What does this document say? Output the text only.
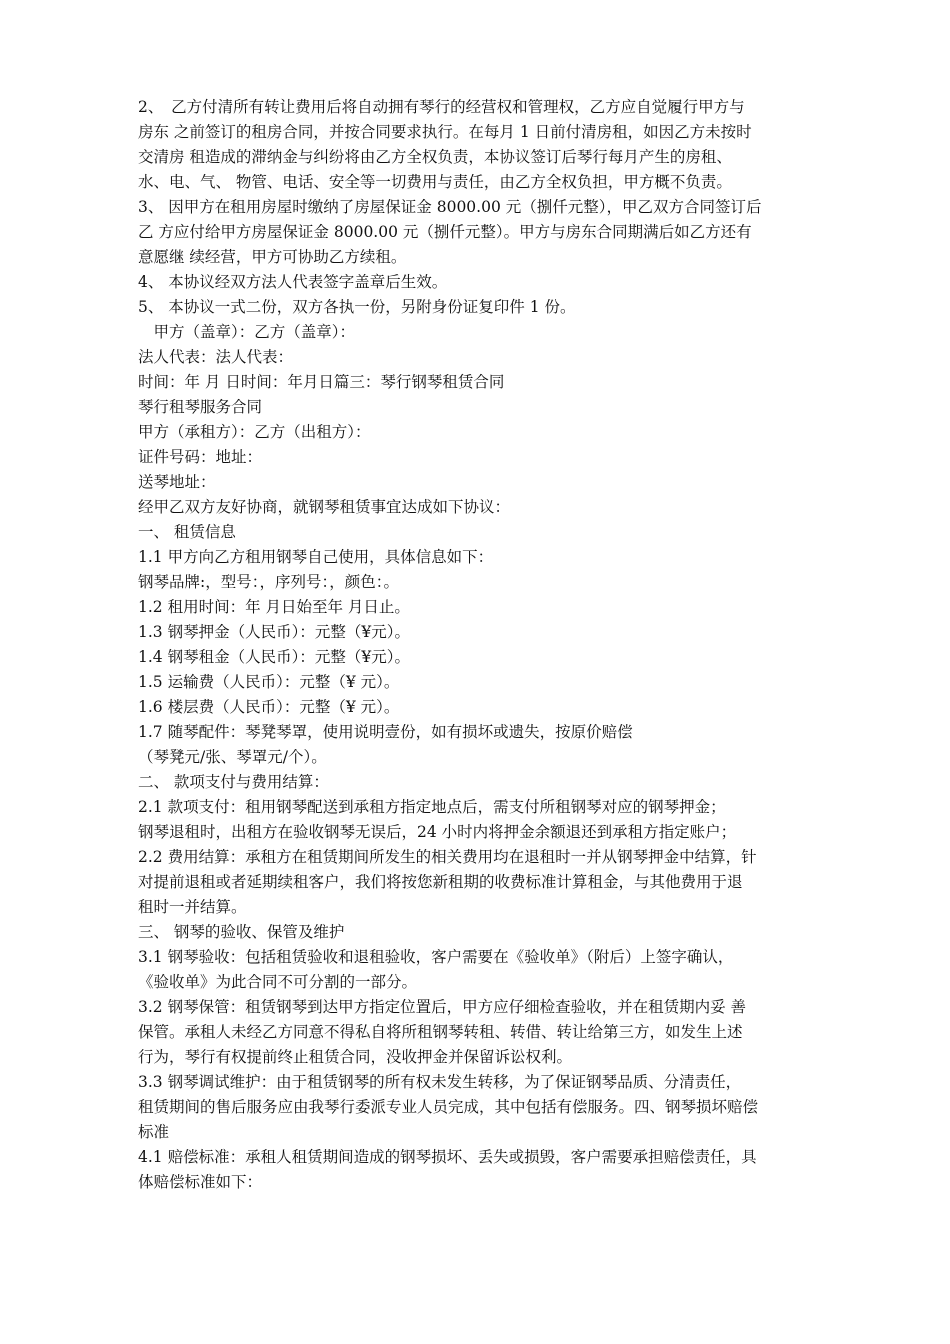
2、　乙方付清所有转让费用后将自动拥有琴行的经营权和管理权，乙方应自觉履行甲方与
房东 之前签订的租房合同，并按合同要求执行。在每月 1 日前付清房租，如因乙方未按时
交清房 租造成的滞纳金与纠纷将由乙方全权负责，本协议签订后琴行每月产生的房租、
水、电、气、 物管、电话、安全等一切费用与责任，由乙方全权负担，甲方概不负责。
3、 因甲方在租用房屋时缴纳了房屋保证金 8000.00 元（捌仟元整），甲乙双方合同签订后
乙 方应付给甲方房屋保证金 8000.00 元（捌仟元整）。甲方与房东合同期满后如乙方还有
意愿继 续经营，甲方可协助乙方续租。
4、 本协议经双方法人代表签字盖章后生效。
5、 本协议一式二份，双方各执一份，另附身份证复印件 1 份。
　甲方（盖章）：乙方（盖章）：
法人代表：法人代表：
时间：年 月 日时间：年月日篇三：琴行钢琴租赁合同
琴行租琴服务合同
甲方（承租方）：乙方（出租方）：
证件号码：地址：
送琴地址：
经甲乙双方友好协商，就钢琴租赁事宜达成如下协议：
一、 租赁信息
1.1 甲方向乙方租用钢琴自己使用，具体信息如下：
钢琴品牌:，型号：，序列号：，颜色：。
1.2 租用时间：年 月日始至年 月日止。
1.3 钢琴押金（人民币）：元整（¥元）。
1.4 钢琴租金（人民币）：元整（¥元）。
1.5 运输费（人民币）：元整（¥ 元）。
1.6 楼层费（人民币）：元整（¥ 元）。
1.7 随琴配件：琴凳琴罩，使用说明壹份，如有损坏或遗失，按原价赔偿
（琴凳元/张、琴罩元/个）。
二、 款项支付与费用结算：
2.1 款项支付：租用钢琴配送到承租方指定地点后，需支付所租钢琴对应的钢琴押金；
钢琴退租时，出租方在验收钢琴无误后，24 小时内将押金余额退还到承租方指定账户；
2.2 费用结算：承租方在租赁期间所发生的相关费用均在退租时一并从钢琴押金中结算，针
对提前退租或者延期续租客户，我们将按您新租期的收费标准计算租金，与其他费用于退
租时一并结算。
三、 钢琴的验收、保管及维护
3.1 钢琴验收：包括租赁验收和退租验收，客户需要在《验收单》（附后）上签字确认，
《验收单》为此合同不可分割的一部分。
3.2 钢琴保管：租赁钢琴到达甲方指定位置后，甲方应仔细检查验收，并在租赁期内妥 善
保管。承租人未经乙方同意不得私自将所租钢琴转租、转借、转让给第三方，如发生上述
行为，琴行有权提前终止租赁合同，没收押金并保留诉讼权利。
3.3 钢琴调试维护：由于租赁钢琴的所有权未发生转移，为了保证钢琴品质、分清责任，
租赁期间的售后服务应由我琴行委派专业人员完成，其中包括有偿服务。四、钢琴损坏赔偿
标准
4.1 赔偿标准：承租人租赁期间造成的钢琴损坏、丢失或损毁，客户需要承担赔偿责任，具
体赔偿标准如下：
